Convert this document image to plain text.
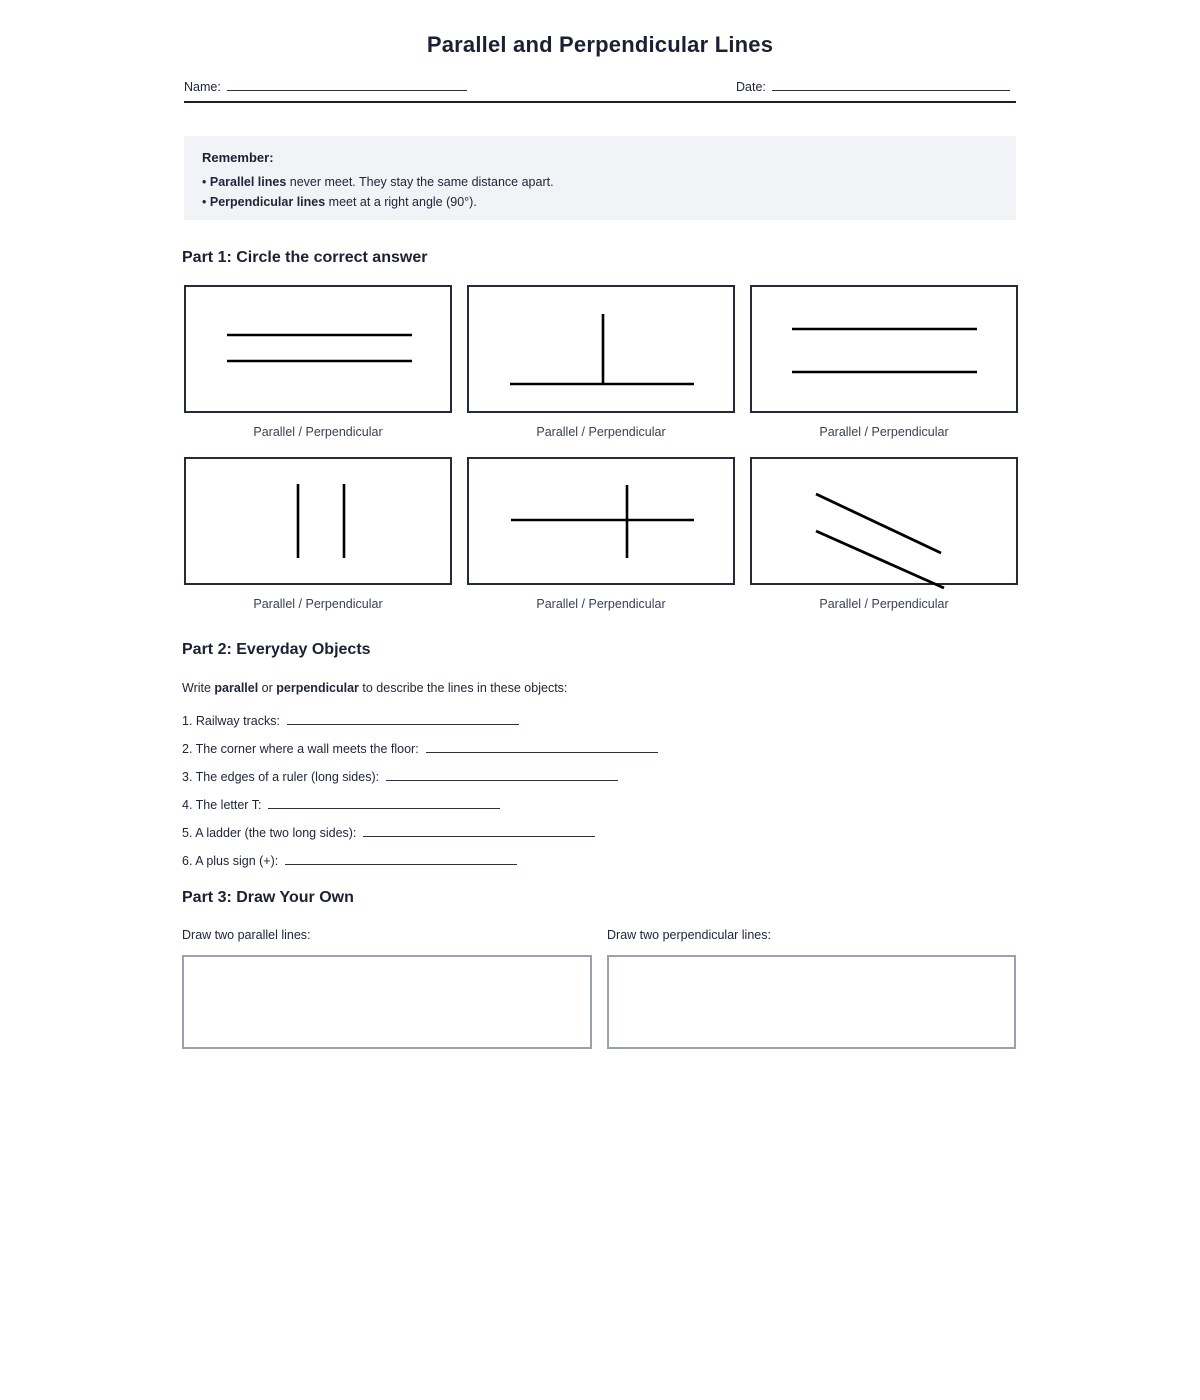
Parallel and Perpendicular Lines
Name:	Date:
Remember:
• Parallel lines never meet. They stay the same distance apart.
• Perpendicular lines meet at a right angle (90°).
Part 1: Circle the correct answer
Parallel / Perpendicular	Parallel / Perpendicular	Parallel / Perpendicular
Parallel / Perpendicular	Parallel / Perpendicular	Parallel / Perpendicular
Part 2: Everyday Objects
Write parallel or perpendicular to describe the lines in these objects:
1. Railway tracks:
2. The corner where a wall meets the floor:
3. The edges of a ruler (long sides):
4. The letter T:
5. A ladder (the two long sides):
6. A plus sign (+):
Part 3: Draw Your Own
Draw two parallel lines:	Draw two perpendicular lines:
